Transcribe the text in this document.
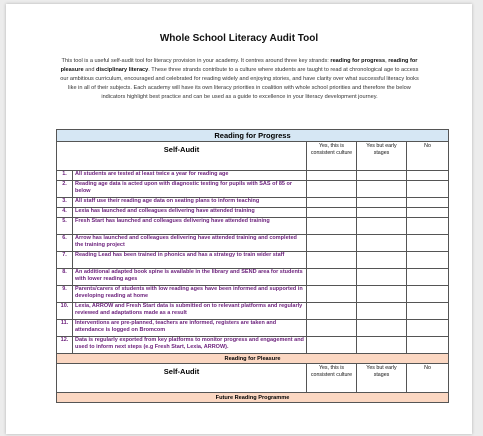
Whole School Literacy Audit Tool
This tool is a useful self-audit tool for literacy provision in your academy. It centres around three key strands: reading for progress, reading for pleasure and disciplinary literacy. These three strands contribute to a culture where students are taught to read at chronological age to access our ambitious curriculum, encouraged and celebrated for reading widely and enjoying stories, and have clarity over what successful literacy looks like in all of their subjects. Each academy will have its own literacy priorities in coalition with whole school priorities and therefore the below indicators highlight best practice and can be used as a guide to excellence in your literacy development journey.
Reading for Progress				
Self-Audit		Yes, this is consistent culture	Yes but early stages	No
1.	All students are tested at least twice a year for reading age			
2.	Reading age data is acted upon with diagnostic testing for pupils with SAS of 85 or below			
3.	All staff use their reading age data on seating plans to inform teaching			
4.	Lexia has launched and colleagues delivering have attended training			
5.	Fresh Start has launched and colleagues delivering have attended training			
6.	Arrow has launched and colleagues delivering have attended training and completed the training project			
7.	Reading Lead has been trained in phonics and has a strategy to train wider staff			
8.	An additional adapted book spine is available in the library and SEND area for students with lower reading ages			
9.	Parents/carers of students with low reading ages have been informed and supported in developing reading at home			
10.	Lexia, ARROW and Fresh Start data is submitted on to relevant platforms and regularly reviewed and adaptations made as a result			
11.	Interventions are pre-planned, teachers are informed, registers are taken and attendance is logged on Bromcom			
12.	Data is regularly exported from key platforms to monitor progress and engagement and used to inform next steps (e.g Fresh Start, Lexia, ARROW).			
Reading for Pleasure				
Self-Audit		Yes, this is consistent culture	Yes but early stages	No
Future Reading Programme				
